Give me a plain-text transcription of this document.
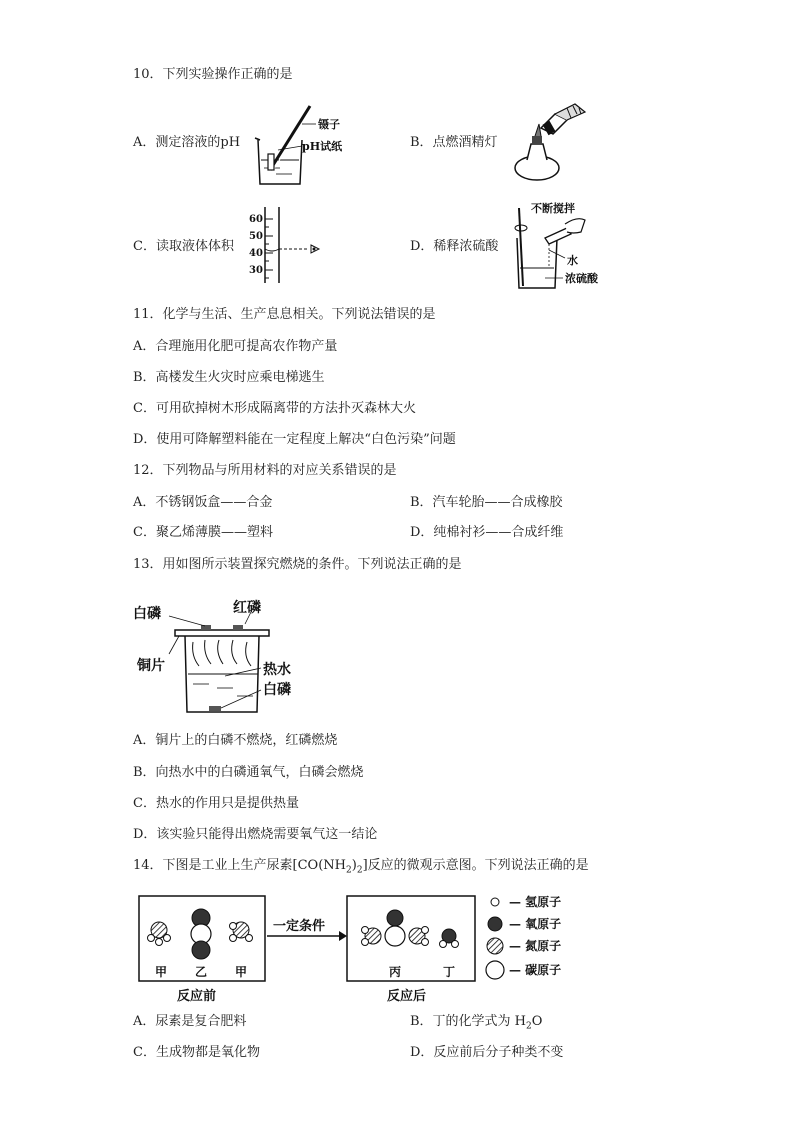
10．下列实验操作正确的是
A．测定溶液的pH	B．点燃酒精灯
C．读取液体体积	D．稀释浓硫酸
镊子
pH试纸
60
50
40
30
不断搅拌
水
浓硫酸
11．化学与生活、生产息息相关。下列说法错误的是
A．合理施用化肥可提高农作物产量
B．高楼发生火灾时应乘电梯逃生
C．可用砍掉树木形成隔离带的方法扑灭森林大火
D．使用可降解塑料能在一定程度上解决“白色污染”问题
12．下列物品与所用材料的对应关系错误的是
A．不锈钢饭盒——合金	B．汽车轮胎——合成橡胶
C．聚乙烯薄膜——塑料	D．纯棉衬衫——合成纤维
13．用如图所示装置探究燃烧的条件。下列说法正确的是
白磷	红磷
铜片	热水
白磷
A．铜片上的白磷不燃烧，红磷燃烧
B．向热水中的白磷通氧气，白磷会燃烧
C．热水的作用只是提供热量
D．该实验只能得出燃烧需要氧气这一结论
14．下图是工业上生产尿素$[CO(NH_2)_2]$反应的微观示意图。下列说法正确的是
甲 乙 甲
反应前
一定条件
丙	丁
反应后
— 氢原子
— 氧原子
— 氮原子
— 碳原子
A．尿素是复合肥料	B．丁的化学式为 $H_2O$
C．生成物都是氧化物	D．反应前后分子种类不变
